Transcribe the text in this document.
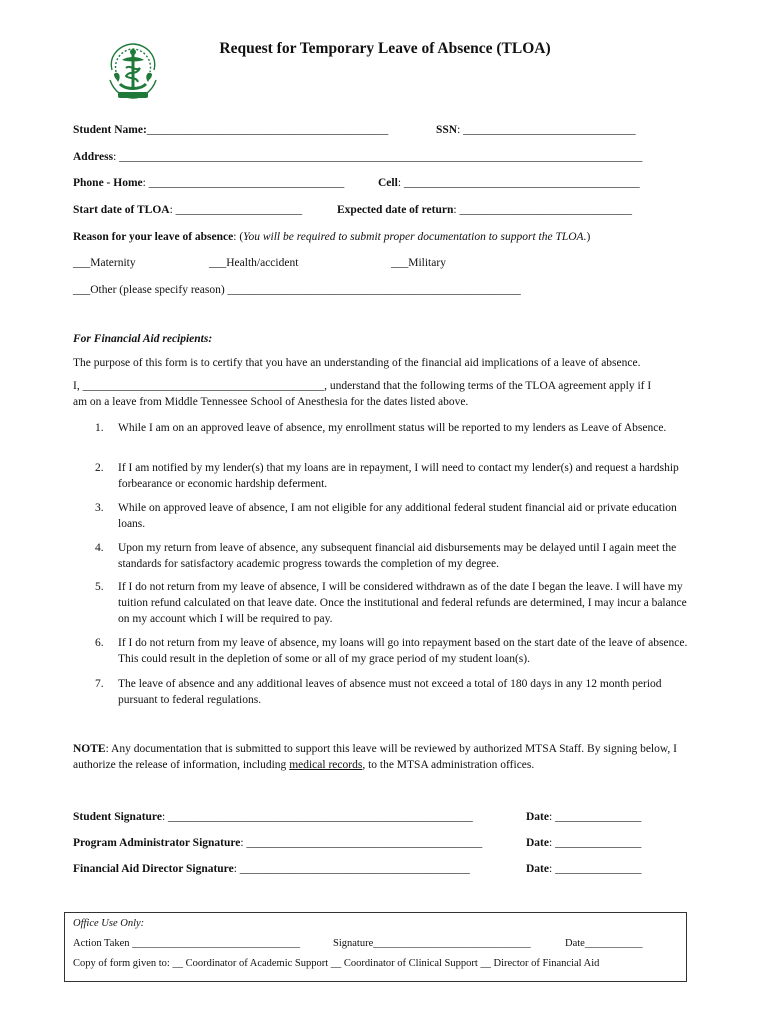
Request for Temporary Leave of Absence (TLOA)
Student Name:__________________________________________	SSN: ______________________________
Address: ___________________________________________________________________________________________
Phone - Home: __________________________________	Cell: _________________________________________
Start date of TLOA: ______________________	Expected date of return: ______________________________
Reason for your leave of absence: (You will be required to submit proper documentation to support the TLOA.)
___Maternity	___Health/accident	___Military
___Other (please specify reason) ___________________________________________________
For Financial Aid recipients:
The purpose of this form is to certify that you have an understanding of the financial aid implications of a leave of absence.
I, __________________________________________, understand that the following terms of the TLOA agreement apply if I
am on a leave from Middle Tennessee School of Anesthesia for the dates listed above.
1. While I am on an approved leave of absence, my enrollment status will be reported to my lenders as Leave of Absence.
2. If I am notified by my lender(s) that my loans are in repayment, I will need to contact my lender(s) and request a hardship forbearance or economic hardship deferment.
3. While on approved leave of absence, I am not eligible for any additional federal student financial aid or private education loans.
4. Upon my return from leave of absence, any subsequent financial aid disbursements may be delayed until I again meet the standards for satisfactory academic progress towards the completion of my degree.
5. If I do not return from my leave of absence, I will be considered withdrawn as of the date I began the leave. I will have my tuition refund calculated on that leave date. Once the institutional and federal refunds are determined, I may incur a balance on my account which I will be required to pay.
6. If I do not return from my leave of absence, my loans will go into repayment based on the start date of the leave of absence. This could result in the depletion of some or all of my grace period of my student loan(s).
7. The leave of absence and any additional leaves of absence must not exceed a total of 180 days in any 12 month period pursuant to federal regulations.
NOTE: Any documentation that is submitted to support this leave will be reviewed by authorized MTSA Staff. By signing below, I authorize the release of information, including medical records, to the MTSA administration offices.
Student Signature: _____________________________________________________	Date: _______________
Program Administrator Signature: _________________________________________	Date: _______________
Financial Aid Director Signature: ________________________________________	Date: _______________
Office Use Only:
Action Taken ________________________________	Signature______________________________	Date___________
Copy of form given to: __ Coordinator of Academic Support __ Coordinator of Clinical Support __ Director of Financial Aid
